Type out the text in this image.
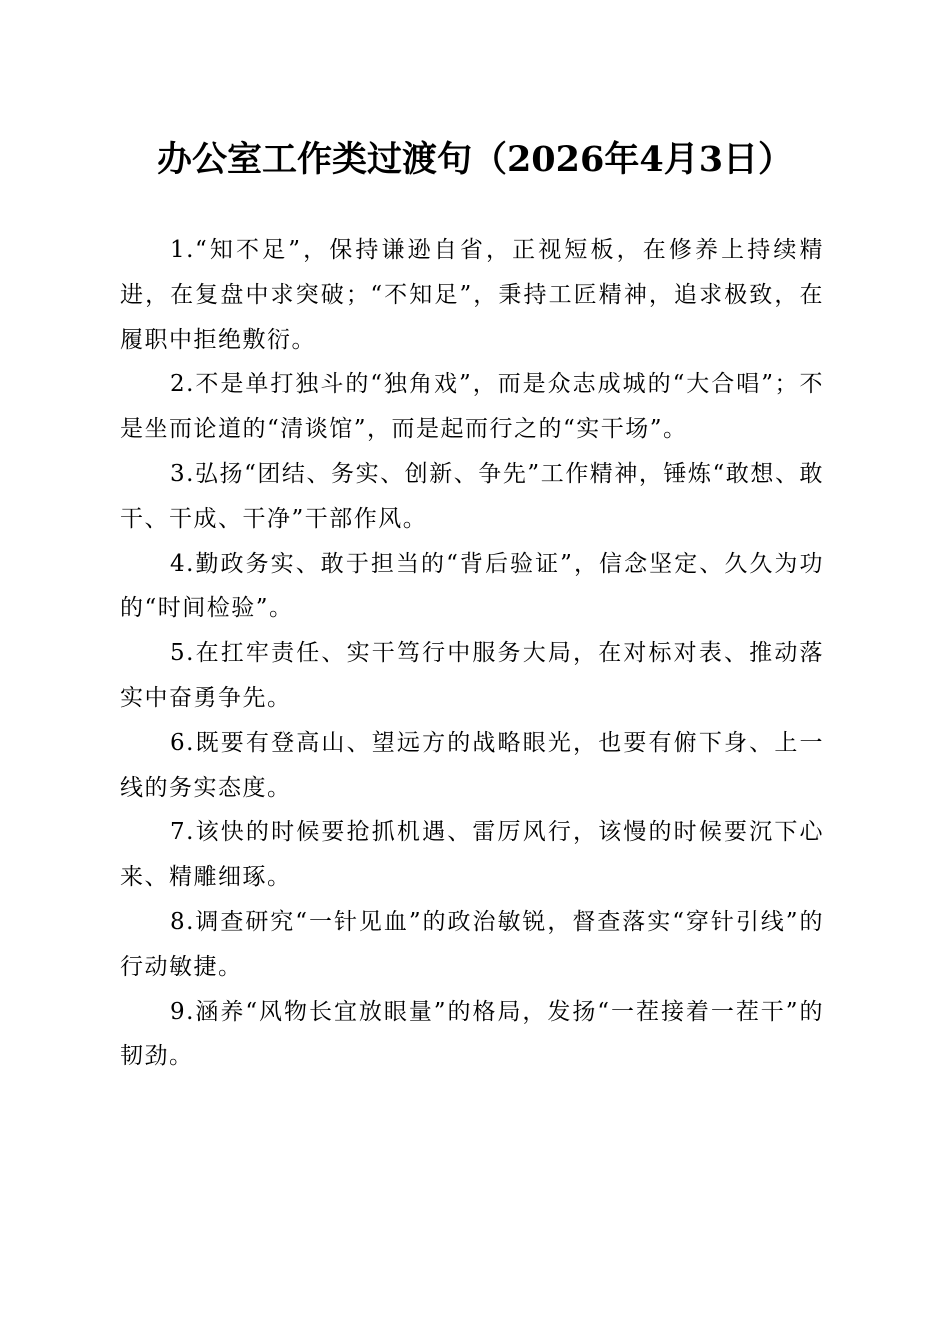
办公室工作类过渡句（2026年4月3日）

1.“知不足”，保持谦逊自省，正视短板，在修养上持续精进，在复盘中求突破；“不知足”，秉持工匠精神，追求极致，在履职中拒绝敷衍。

2.不是单打独斗的“独角戏”，而是众志成城的“大合唱”；不是坐而论道的“清谈馆”，而是起而行之的“实干场”。

3.弘扬“团结、务实、创新、争先”工作精神，锤炼“敢想、敢干、干成、干净”干部作风。

4.勤政务实、敢于担当的“背后验证”，信念坚定、久久为功的“时间检验”。

5.在扛牢责任、实干笃行中服务大局，在对标对表、推动落实中奋勇争先。

6.既要有登高山、望远方的战略眼光，也要有俯下身、上一线的务实态度。

7.该快的时候要抢抓机遇、雷厉风行，该慢的时候要沉下心来、精雕细琢。

8.调查研究“一针见血”的政治敏锐，督查落实“穿针引线”的行动敏捷。

9.涵养“风物长宜放眼量”的格局，发扬“一茬接着一茬干”的韧劲。
